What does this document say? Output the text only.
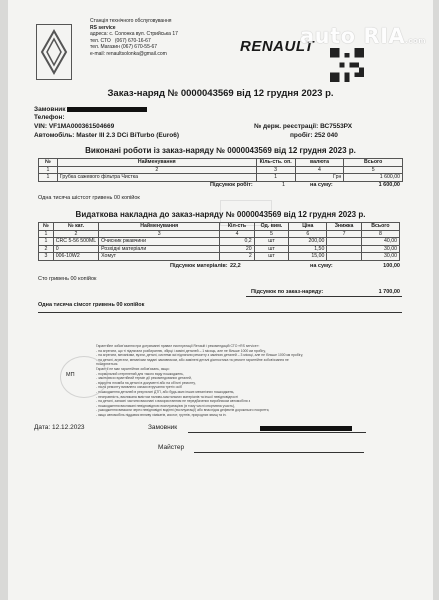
Станція технічного обслуговування
RS service
адреса: с. Солонка вул. Стрийська 17
тел. СТО (067) 670-16-67
тел. Магазин (067) 670-55-67
e-mail: renaultsolonka@gmail.com	RENAULT
auto RIA.com
Заказ-наряд № 0000043569 від 12 грудня 2023 р.
Замовник
Телефон:
VIN: VF1MA000361504669
Автомобіль: Master III 2.3 DCi BiTurbo (Euro6)
№ держ. реєстрації: ВС7553РХ
пробіг: 252 040
Виконані роботи із заказ-наряду № 0000043569 від 12 грудня 2023 р.
№	Найменування	Кіль-сть. оп.	валюта	Всього
1	2	3	4	5
1	Грубка сажевого фільтра Чистка	1	Грн	1 600,00
Підсумок робіт:	1	на суму:	1 600,00
Одна тисяча шістсот гривень 00 копійок
Видаткова накладна до заказ-наряду № 0000043569 від 12 грудня 2023 р.
№	№ кат.	Найменування	Кіл-сть	Од. вим.	Ціна	Знижка	Всього
1	2	3	4	5	6	7	8
1	CRC 5-56 500ML	Очисник ржавчини	0,2	шт	200,00		40,00
2	0	Розхідні матеріали	20	шт	1,50		30,00
3	006-10W2	Хомут	2	шт	15,00		30,00
Підсумок матеріалів: 22,2	на суму:	100,00
Сто гривень 00 копійок
Підсумок по заказ-наряду:	1 700,00
Одна тисяча сімсот гривень 00 копійок
Гарантійне зобов'язання при дотриманні правил експлуатації Renault і рекомендацій СТО «RS service»:
- на агрегати, що ті підлягали розбиранню, збірці і заміні деталей – 1 місяць, але не більше 1000 км пробігу,
- на агрегати, механізми, вузли, деталі, системи які підлягали ремонту з заміною деталей – 3 місяці, але не більше 1000 км пробігу,
- на деталі, агрегати, механізми надані замовником, або замінені деталі діагностика та ремонт гарантійне зобов'язання не
поширюється.
Гарантії не має гарантійних зобов'язань, якщо:
- нормальний стерпнений для такого виду пошкоджень,
- закінчився гарантійний термін дії рекомендованих деталей,
- відсутня пломба на деталі в документі або на об'єкті ремонту,
- після ремонту виявлено ознаки втручання третіх осіб
- пошкодження деталей в результаті ДТП, або будь-яких інших механічних пошкоджень,
- несправність, викликана вмістом паливо-мастильних матеріалів та іншої невідповідності
- на деталі, запасні частини виконані з використанням не передбачених виробником автомобіля з
- пошкодження викликані невідповідною експлуатацією (в тому числі спортивна участь),
- ушкодження вимкали через невідповідні водінні (експлуатації) або внаслідок дефектів дорожнього покриття,
- якщо автомобіль піддався впливу хімікатів, кислот, грунтів, природних явищ та ін.
МП
Дата: 12.12.2023	Замовник
Майстер
